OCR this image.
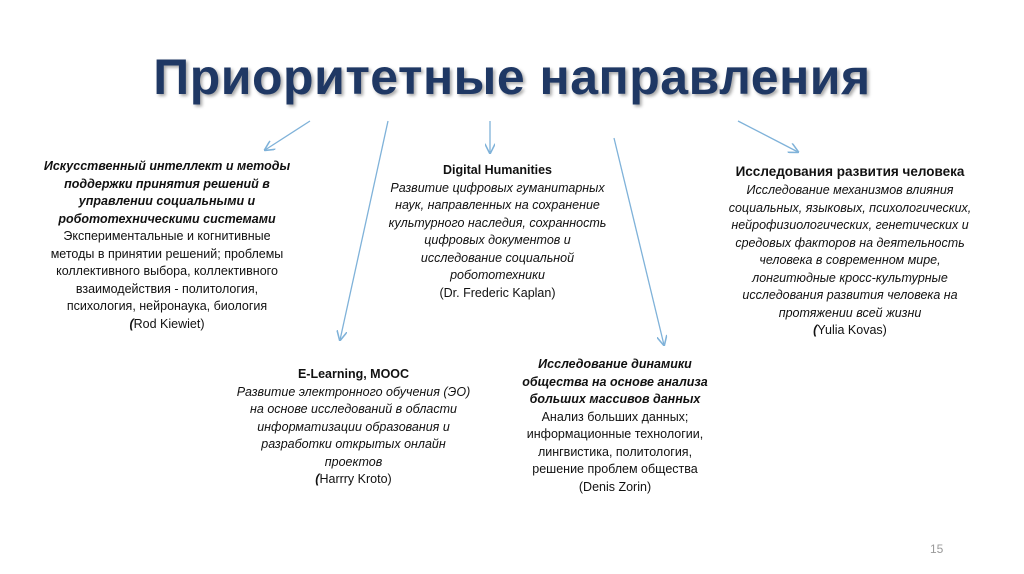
Приоритетные направления
Искусственный интеллект и методы поддержки принятия решений в управлении социальными и робототехническими системами
Экспериментальные и когнитивные методы в принятии решений; проблемы коллективного выбора, коллективного взаимодействия - политология, психология, нейронаука, биология
(Rod Kiewiet)
Digital Humanities
Развитие цифровых гуманитарных наук, направленных на сохранение культурного наследия, сохранность цифровых документов и исследование социальной робототехники
(Dr. Frederic Kaplan)
Исследования развития человека
Исследование механизмов влияния социальных, языковых, психологических, нейрофизиологических, генетических и средовых факторов на деятельность человека в современном мире, лонгитюдные кросс-культурные исследования развития человека на протяжении всей жизни
(Yulia Kovas)
E-Learning, MOOC
Развитие электронного обучения (ЭО) на основе исследований в области информатизации образования и разработки открытых онлайн проектов
(Harrry Kroto)
Исследование динамики общества на основе анализа больших массивов данных
Анализ больших данных; информационные технологии, лингвистика, политология, решение проблем общества (Denis Zorin)
15
